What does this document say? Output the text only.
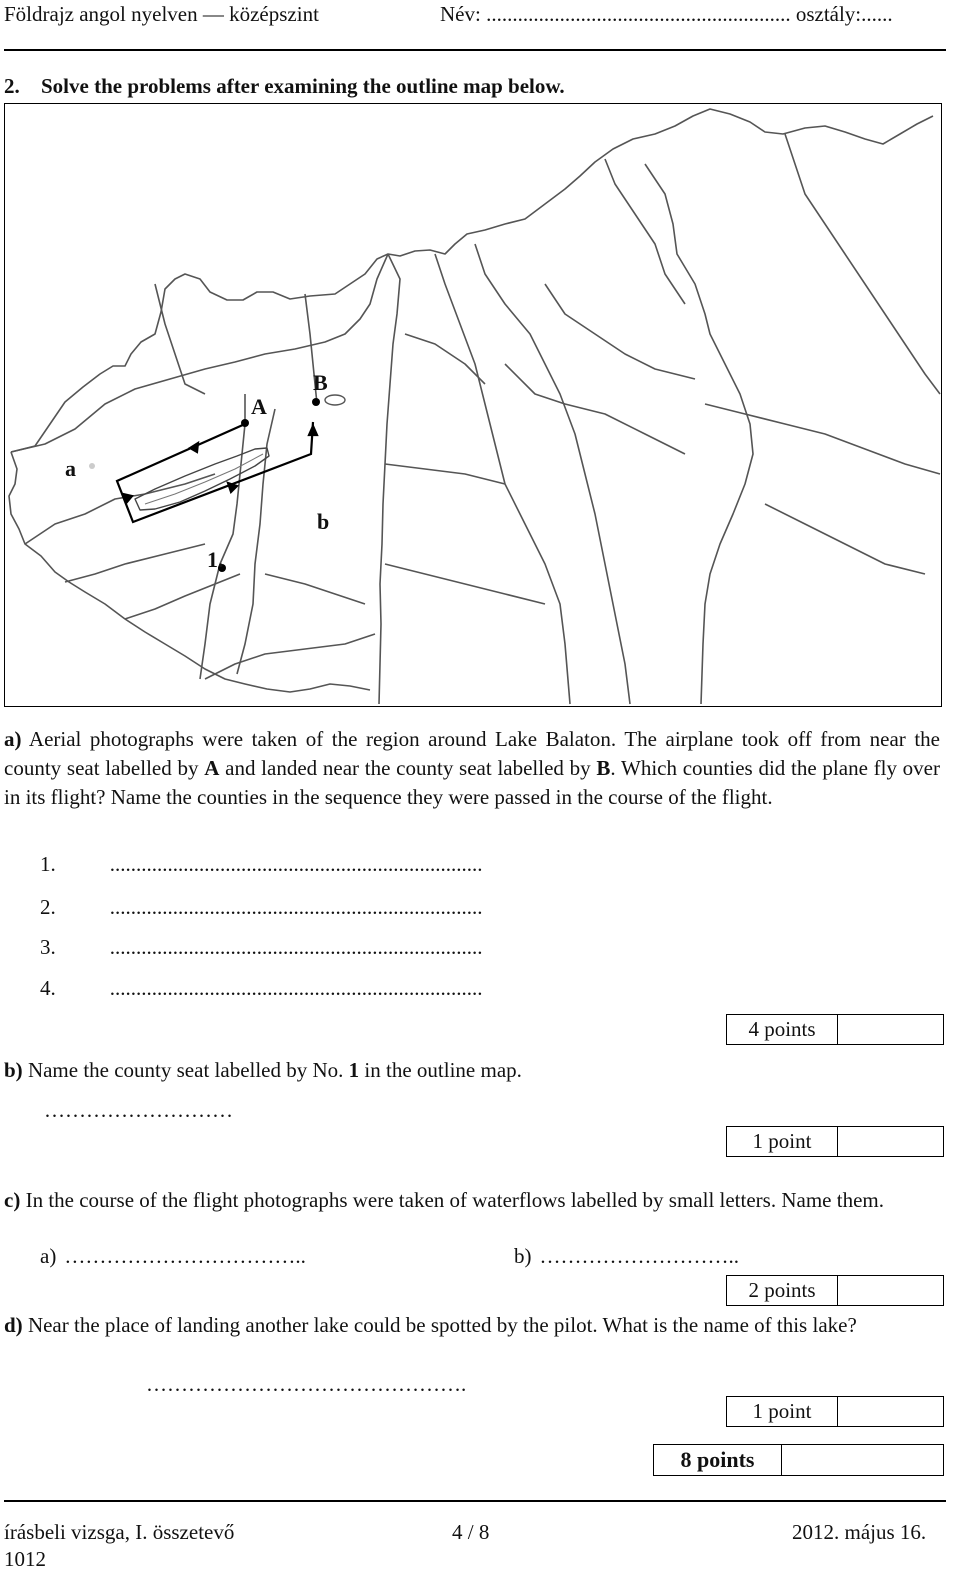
Földrajz angol nyelven — középszint	Név: .......................................................... osztály:......
2. Solve the problems after examining the outline map below.
A
B
a
b
1.
a) Aerial photographs were taken of the region around Lake Balaton. The airplane took off from near the county seat labelled by A and landed near the county seat labelled by B. Which counties did the plane fly over in its flight? Name the counties in the sequence they were passed in the course of the flight.
1.	.......................................................................
2.	.......................................................................
3.	.......................................................................
4.	.......................................................................
4 points
b) Name the county seat labelled by No. 1 in the outline map.
………………………
1 point
c) In the course of the flight photographs were taken of waterflows labelled by small letters. Name them.
a) ……………………………..	b) ………………………..
2 points
d) Near the place of landing another lake could be spotted by the pilot. What is the name of this lake?
……………………………………….
1 point
8 points
írásbeli vizsga, I. összetevő	4 / 8	2012. május 16.
1012
